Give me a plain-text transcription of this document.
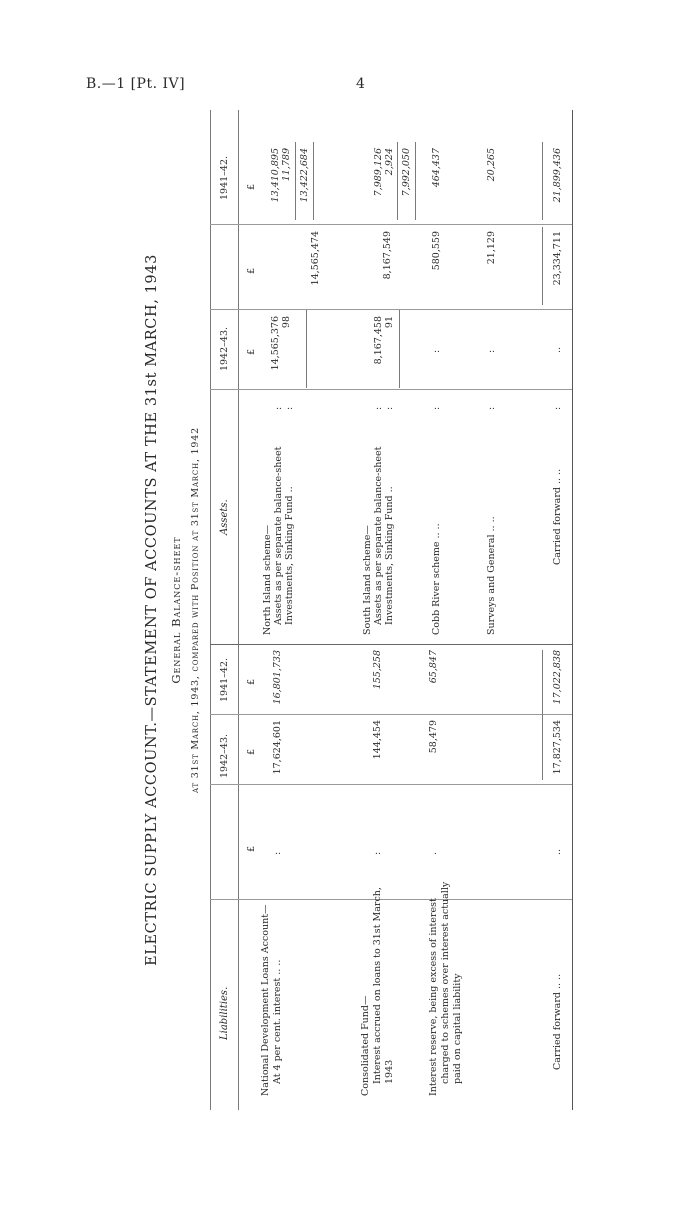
B.—1 [Pt. IV]	4
ELECTRIC SUPPLY ACCOUNT.—STATEMENT OF ACCOUNTS AT THE 31st MARCH, 1943 General Balance-sheet at 31st March, 1943, compared with Position at 31st March, 1942
Liabilities.
1942–43.
1941–42.
Assets.
1942–43.
1941–42.
£
£
£
£
£
£
National Development Loans Account— At 4 per cent. interest .. ..
:
17,624,601
16,801,733
Consolidated Fund— Interest accrued on loans to 31st March, 1943
:
144,454
155,258
Interest reserve, being excess of interest charged to schemes over interest actually paid on capital liability
.
58,479
65,847
Carried forward .. ..
..
17,827,534
17,022,838
North Island scheme— Assets as per separate balance-sheet Investments, Sinking Fund ..
: :
14,565,376 98
14,565,474
13,410,895 11,789 13,422,684
South Island scheme— Assets as per separate balance-sheet Investments, Sinking Fund ..
: :
8,167,458 91
8,167,549
7,989,126 2,924 7,992,050
Cobb River scheme .. ..
:
:
580,559
464,437
Surveys and General .. ..
:
:
21,129
20,265
Carried forward .. ..
:
..
23,334,711
21,899,436
